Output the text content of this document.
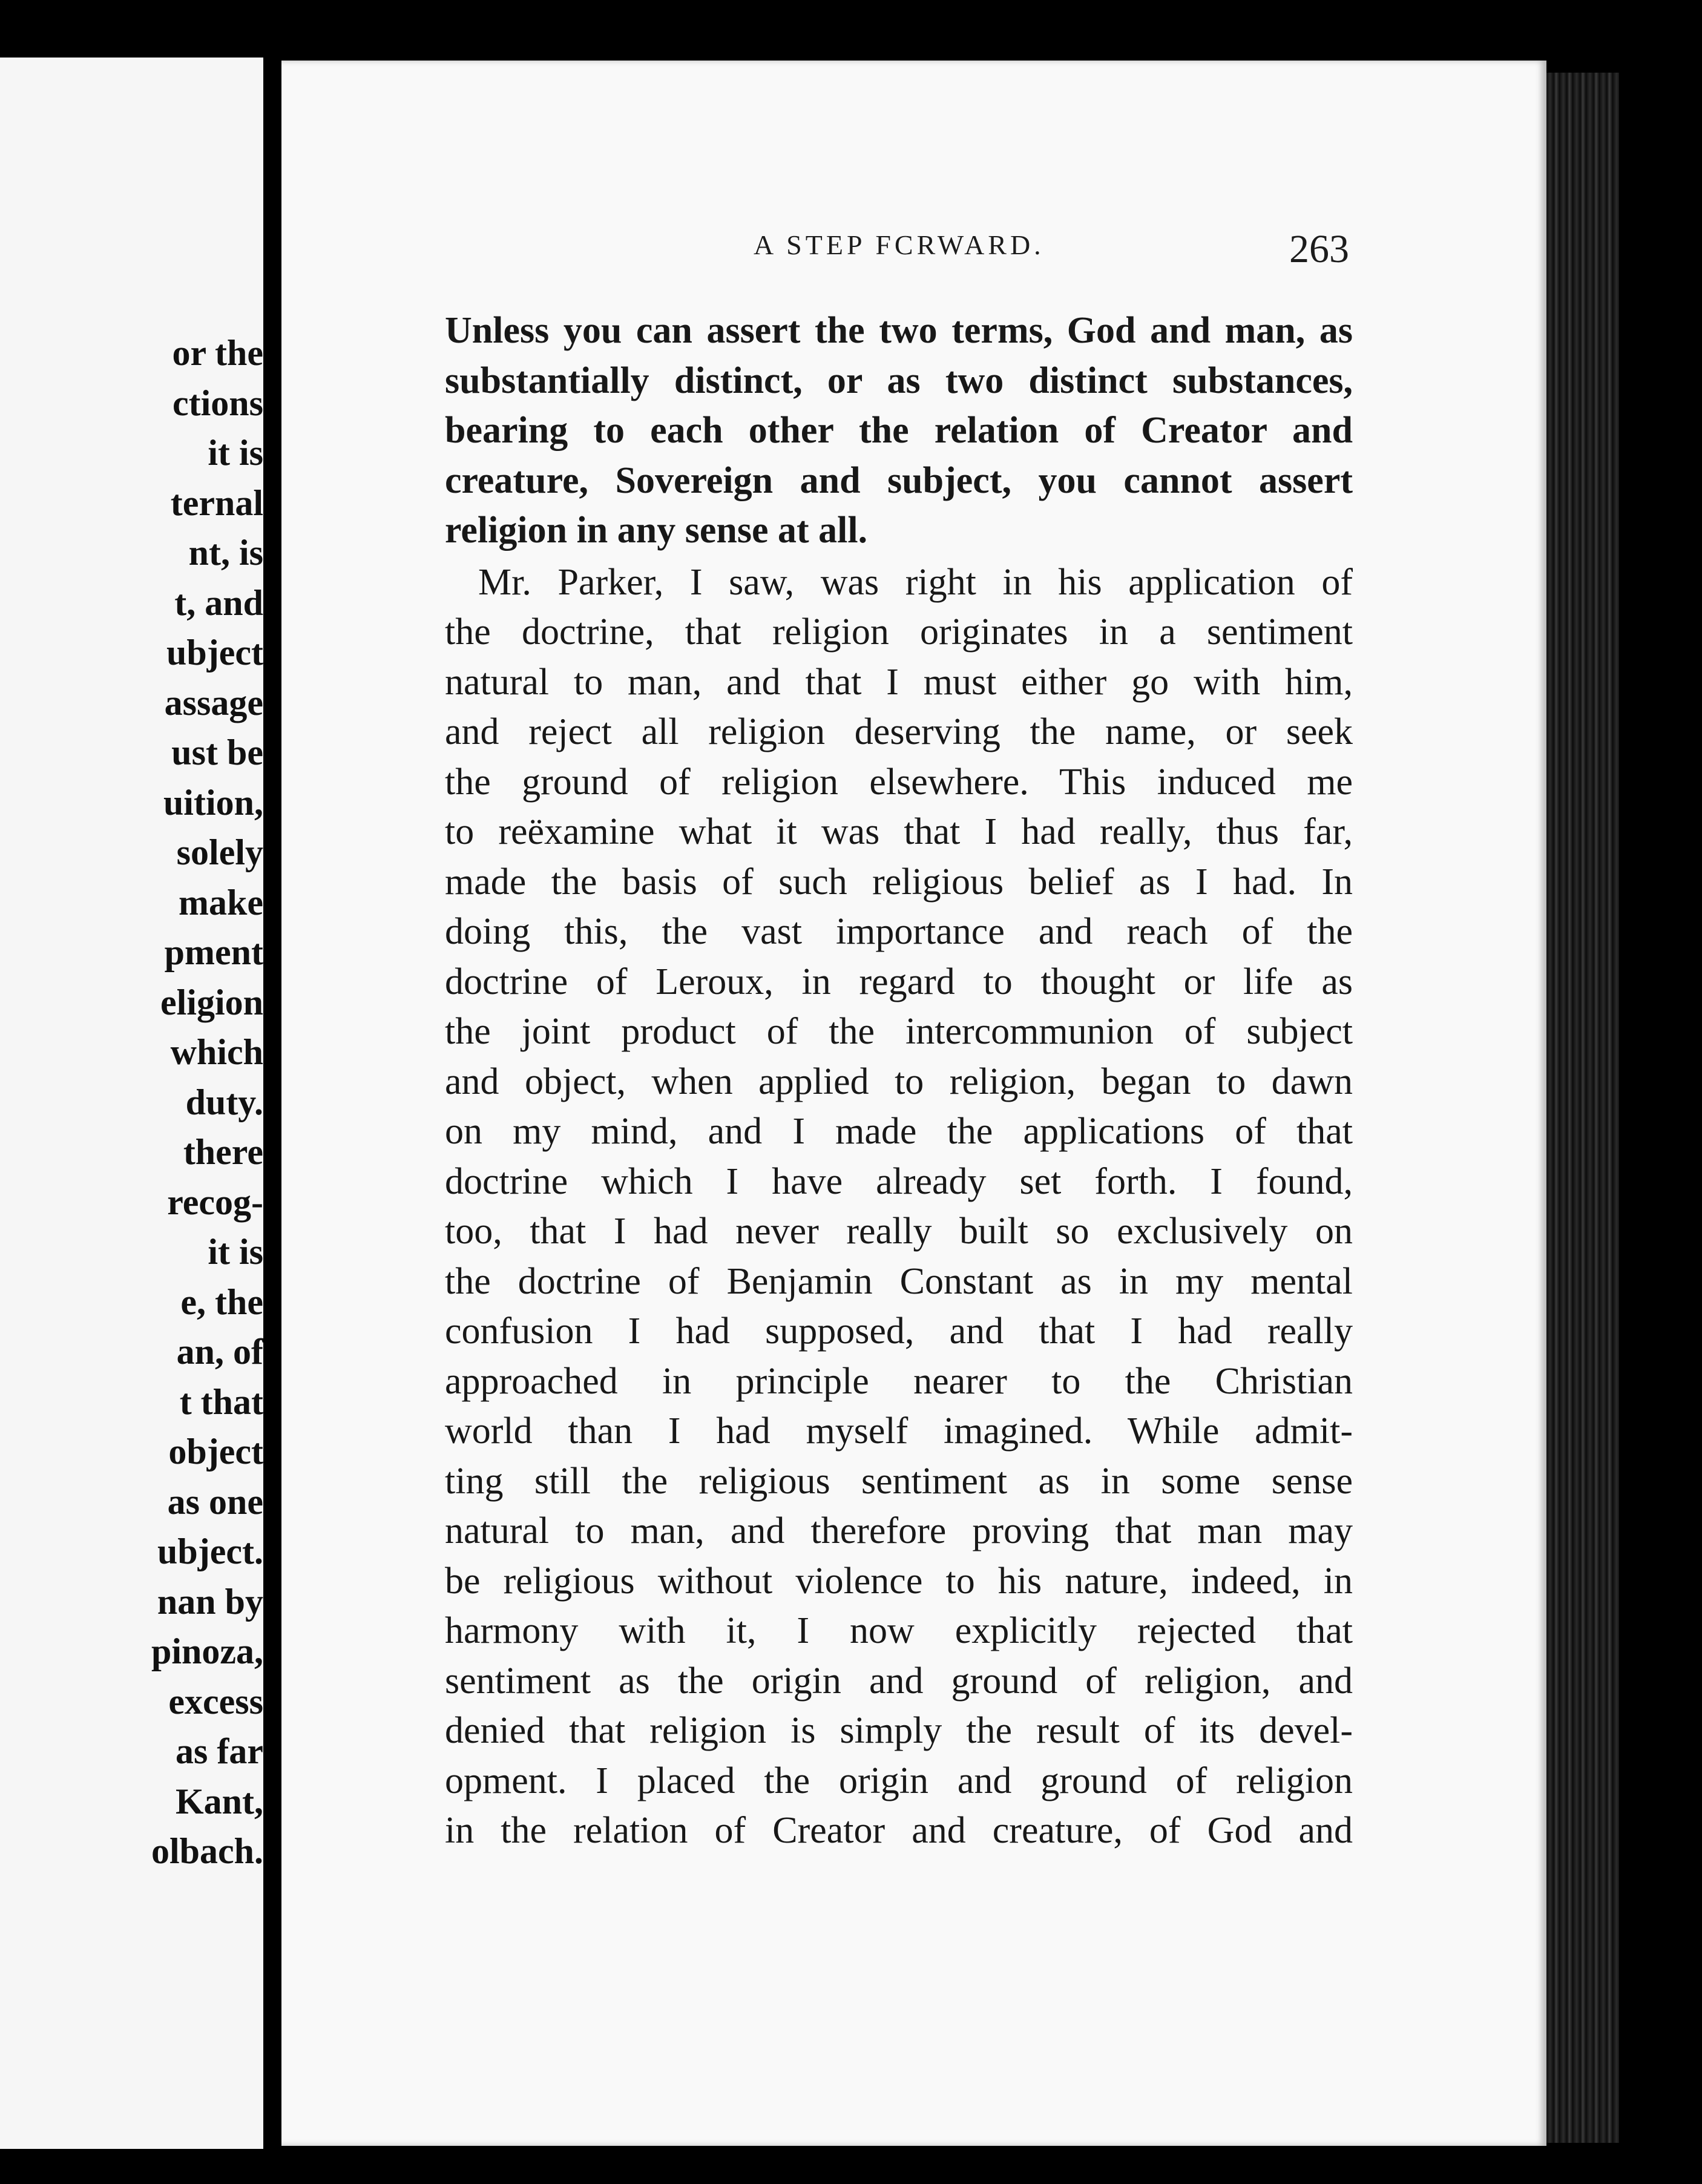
or the
ctions
it is
ternal
nt, is
t, and
ubject
assage
ust be
uition,
solely
make
pment
eligion
which
duty.
there
recog-
it is
e, the
an, of
t that
object
as one
ubject.
nan by
pinoza,
excess
as far
Kant,
olbach.
A STEP FCRWARD.	263
Unless you can assert the two terms, God and man, as
substantially distinct, or as two distinct substances,
bearing to each other the relation of Creator and
creature, Sovereign and subject, you cannot assert
religion in any sense at all.
Mr. Parker, I saw, was right in his application of
the doctrine, that religion originates in a sentiment
natural to man, and that I must either go with him,
and reject all religion deserving the name, or seek
the ground of religion elsewhere. This induced me
to reëxamine what it was that I had really, thus far,
made the basis of such religious belief as I had. In
doing this, the vast importance and reach of the
doctrine of Leroux, in regard to thought or life as
the joint product of the intercommunion of subject
and object, when applied to religion, began to dawn
on my mind, and I made the applications of that
doctrine which I have already set forth. I found,
too, that I had never really built so exclusively on
the doctrine of Benjamin Constant as in my mental
confusion I had supposed, and that I had really
approached in principle nearer to the Christian
world than I had myself imagined. While admit-
ting still the religious sentiment as in some sense
natural to man, and therefore proving that man may
be religious without violence to his nature, indeed, in
harmony with it, I now explicitly rejected that
sentiment as the origin and ground of religion, and
denied that religion is simply the result of its devel-
opment. I placed the origin and ground of religion
in the relation of Creator and creature, of God and
